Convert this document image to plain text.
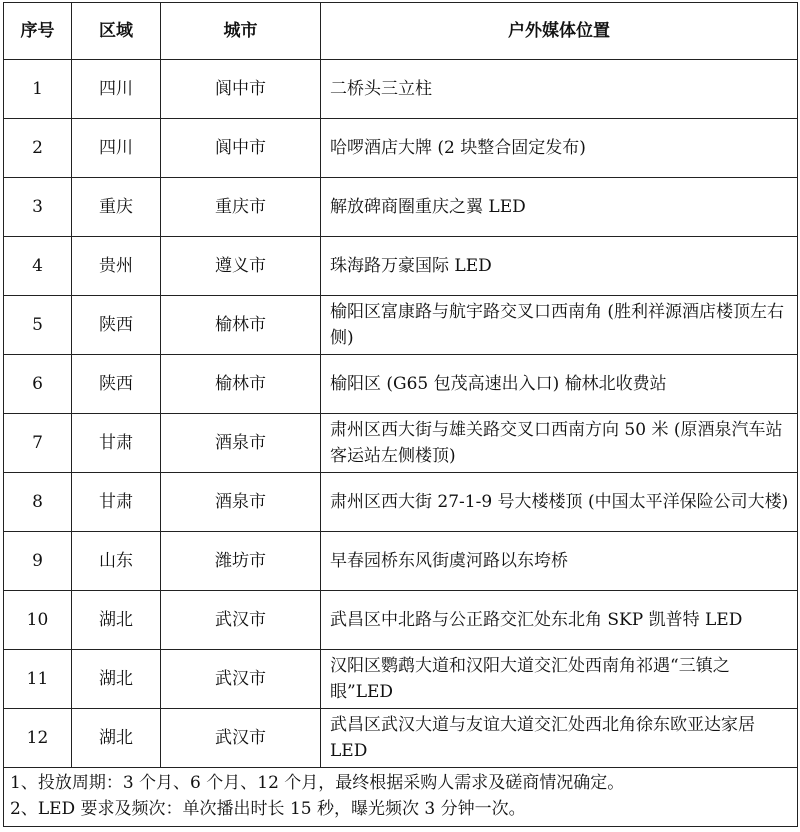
序号	区域	城市	户外媒体位置
1	四川	阆中市	二桥头三立柱
2	四川	阆中市	哈啰酒店大牌 (2 块整合固定发布)
3	重庆	重庆市	解放碑商圈重庆之翼 LED
4	贵州	遵义市	珠海路万豪国际 LED
5	陕西	榆林市	榆阳区富康路与航宇路交叉口西南角 (胜利祥源酒店楼顶左右侧)
6	陕西	榆林市	榆阳区 (G65 包茂高速出入口) 榆林北收费站
7	甘肃	酒泉市	肃州区西大街与雄关路交叉口西南方向 50 米 (原酒泉汽车站客运站左侧楼顶)
8	甘肃	酒泉市	肃州区西大街 27-1-9 号大楼楼顶 (中国太平洋保险公司大楼)
9	山东	潍坊市	早春园桥东风街虞河路以东垮桥
10	湖北	武汉市	武昌区中北路与公正路交汇处东北角 SKP 凯普特 LED
11	湖北	武汉市	汉阳区鹦鹉大道和汉阳大道交汇处西南角祁遇“三镇之眼”LED
12	湖北	武汉市	武昌区武汉大道与友谊大道交汇处西北角徐东欧亚达家居 LED

1、投放周期：3 个月、6 个月、12 个月，最终根据采购人需求及磋商情况确定。
2、LED 要求及频次：单次播出时长 15 秒，曝光频次 3 分钟一次。			
